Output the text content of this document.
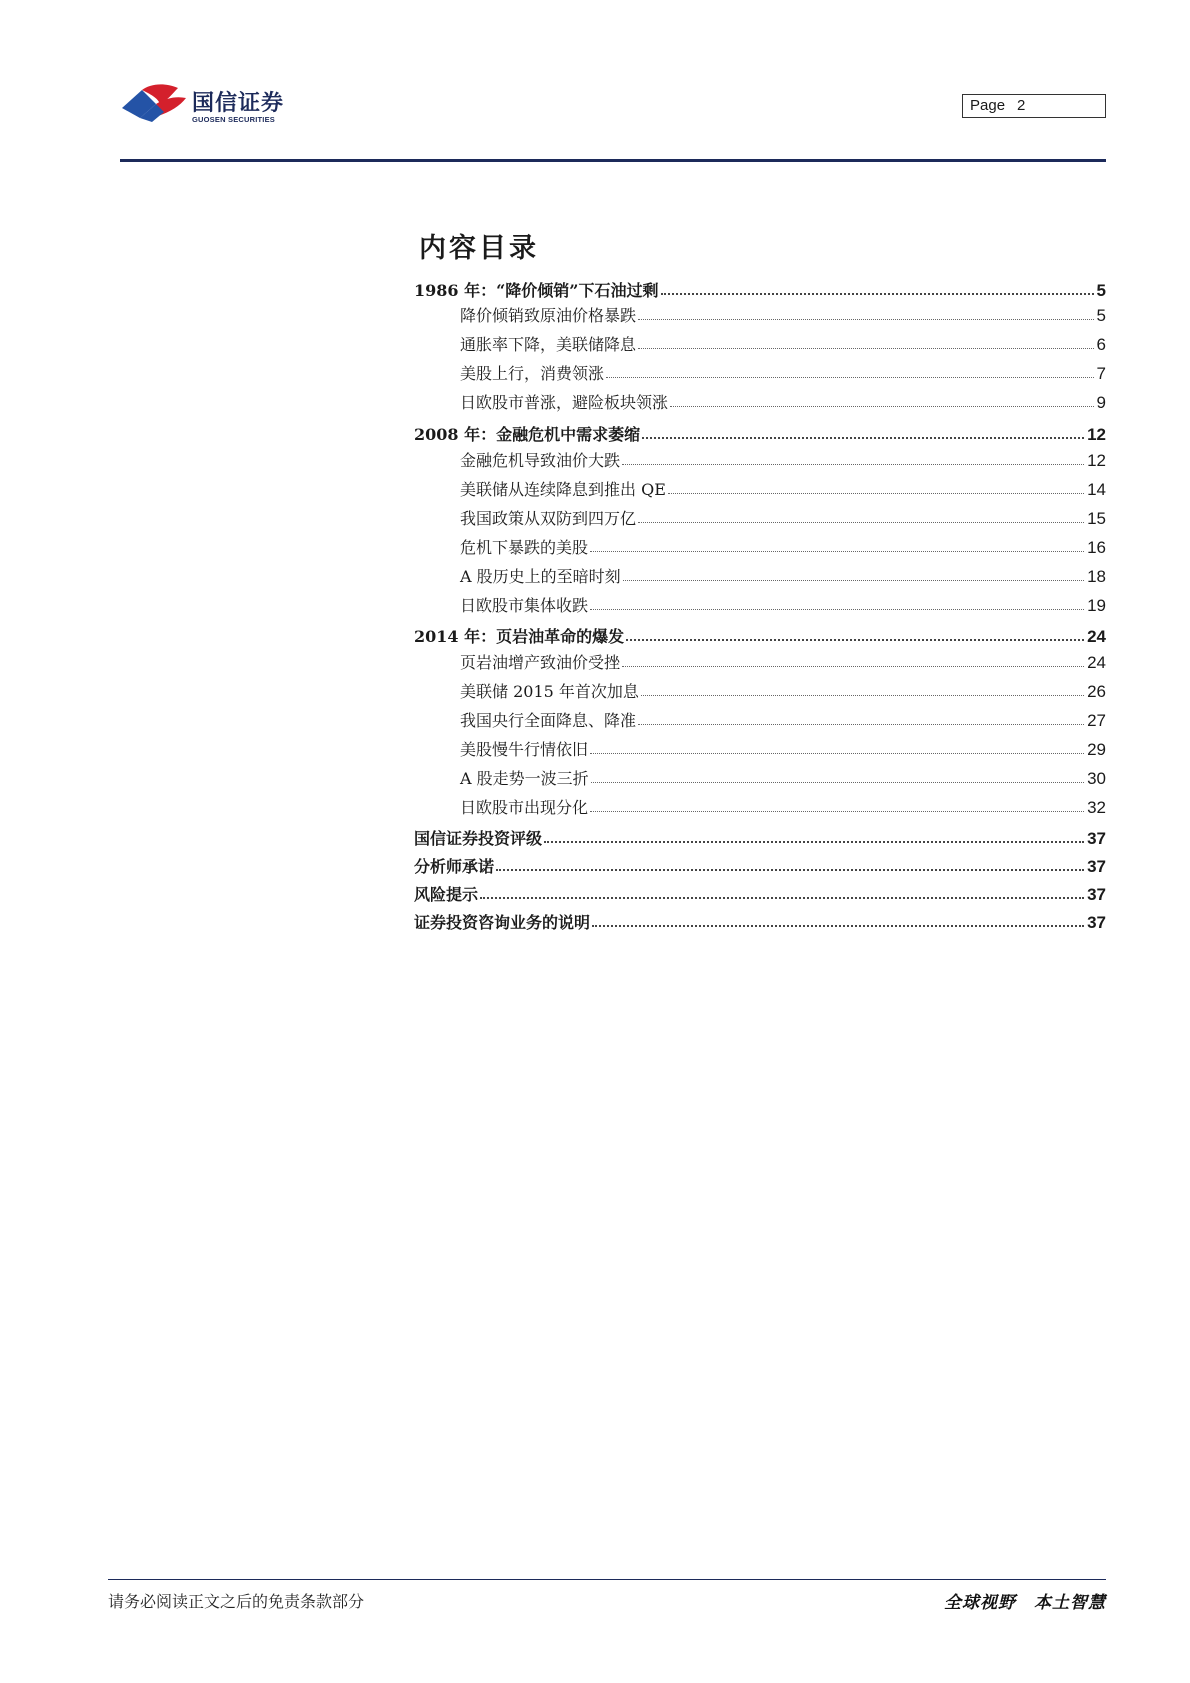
国信证券
GUOSEN SECURITIES
Page 2
内容目录
1986 年：“降价倾销”下石油过剩	5
降价倾销致原油价格暴跌	5
通胀率下降，美联储降息	6
美股上行，消费领涨	7
日欧股市普涨，避险板块领涨	9
2008 年：金融危机中需求萎缩	12
金融危机导致油价大跌	12
美联储从连续降息到推出 QE	14
我国政策从双防到四万亿	15
危机下暴跌的美股	16
A 股历史上的至暗时刻	18
日欧股市集体收跌	19
2014 年：页岩油革命的爆发	24
页岩油增产致油价受挫	24
美联储 2015 年首次加息	26
我国央行全面降息、降准	27
美股慢牛行情依旧	29
A 股走势一波三折	30
日欧股市出现分化	32
国信证券投资评级	37
分析师承诺	37
风险提示	37
证券投资咨询业务的说明	37
请务必阅读正文之后的免责条款部分	全球视野 本土智慧
